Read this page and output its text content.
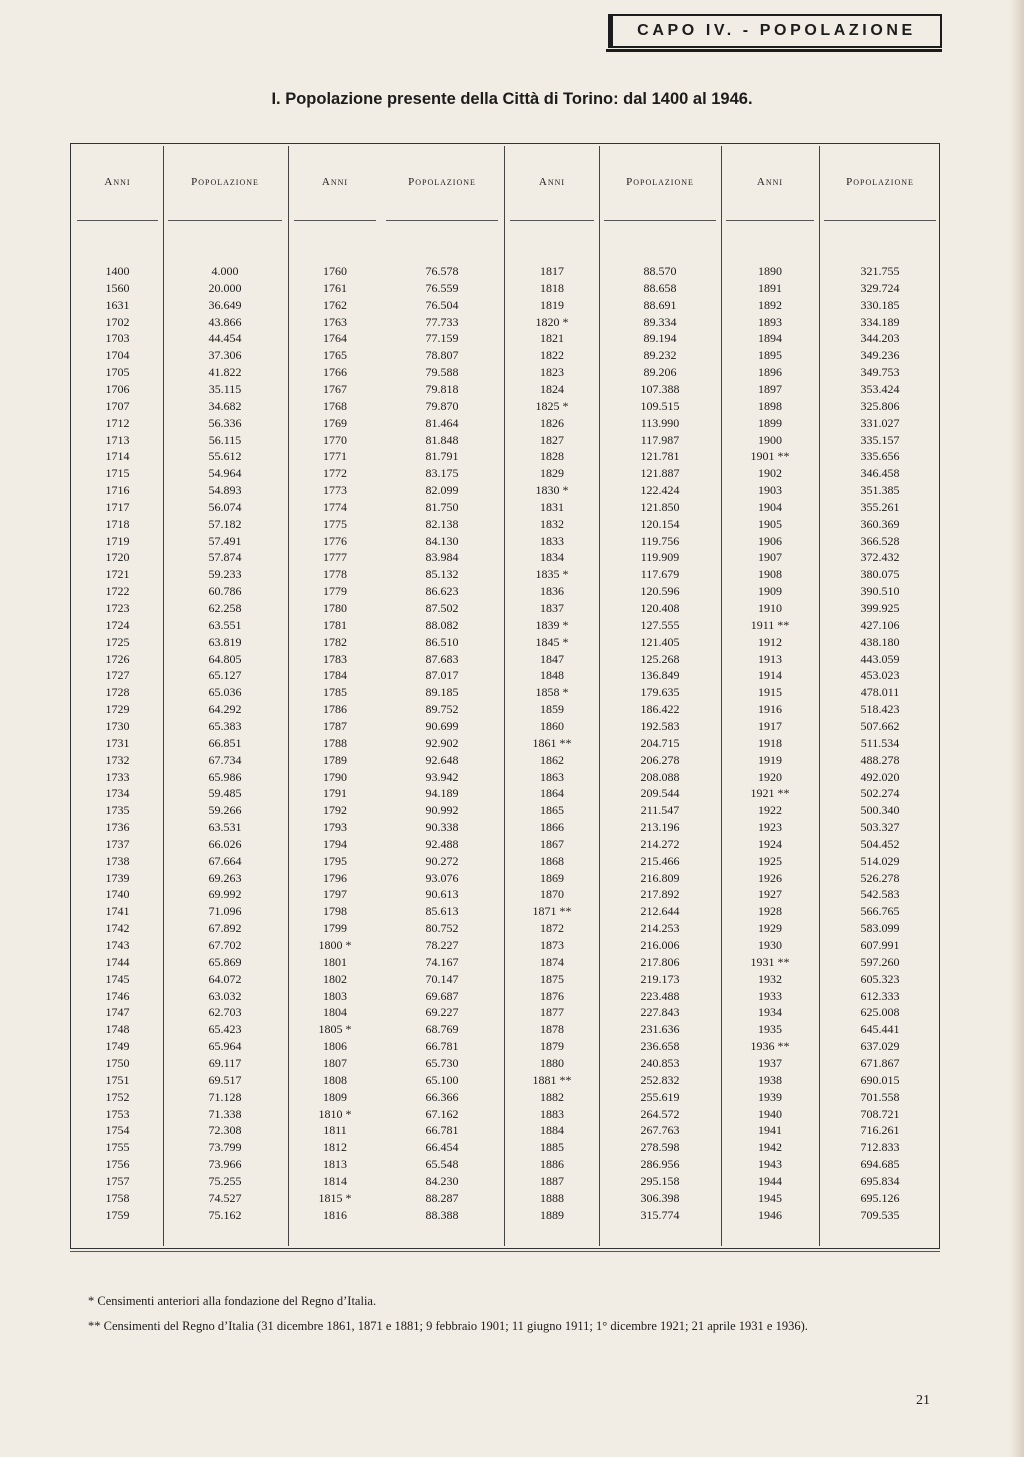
CAPO IV. - POPOLAZIONE
I. Popolazione presente della Città di Torino: dal 1400 al 1946.
Anni	Popolazione
1400	4.000
1560	20.000
1631	36.649
1702	43.866
1703	44.454
1704	37.306
1705	41.822
1706	35.115
1707	34.682
1712	56.336
1713	56.115
1714	55.612
1715	54.964
1716	54.893
1717	56.074
1718	57.182
1719	57.491
1720	57.874
1721	59.233
1722	60.786
1723	62.258
1724	63.551
1725	63.819
1726	64.805
1727	65.127
1728	65.036
1729	64.292
1730	65.383
1731	66.851
1732	67.734
1733	65.986
1734	59.485
1735	59.266
1736	63.531
1737	66.026
1738	67.664
1739	69.263
1740	69.992
1741	71.096
1742	67.892
1743	67.702
1744	65.869
1745	64.072
1746	63.032
1747	62.703
1748	65.423
1749	65.964
1750	69.117
1751	69.517
1752	71.128
1753	71.338
1754	72.308
1755	73.799
1756	73.966
1757	75.255
1758	74.527
1759	75.162
Anni	Popolazione
1760	76.578
1761	76.559
1762	76.504
1763	77.733
1764	77.159
1765	78.807
1766	79.588
1767	79.818
1768	79.870
1769	81.464
1770	81.848
1771	81.791
1772	83.175
1773	82.099
1774	81.750
1775	82.138
1776	84.130
1777	83.984
1778	85.132
1779	86.623
1780	87.502
1781	88.082
1782	86.510
1783	87.683
1784	87.017
1785	89.185
1786	89.752
1787	90.699
1788	92.902
1789	92.648
1790	93.942
1791	94.189
1792	90.992
1793	90.338
1794	92.488
1795	90.272
1796	93.076
1797	90.613
1798	85.613
1799	80.752
1800 *	78.227
1801	74.167
1802	70.147
1803	69.687
1804	69.227
1805 *	68.769
1806	66.781
1807	65.730
1808	65.100
1809	66.366
1810 *	67.162
1811	66.781
1812	66.454
1813	65.548
1814	84.230
1815 *	88.287
1816	88.388
Anni	Popolazione
1817	88.570
1818	88.658
1819	88.691
1820 *	89.334
1821	89.194
1822	89.232
1823	89.206
1824	107.388
1825 *	109.515
1826	113.990
1827	117.987
1828	121.781
1829	121.887
1830 *	122.424
1831	121.850
1832	120.154
1833	119.756
1834	119.909
1835 *	117.679
1836	120.596
1837	120.408
1839 *	127.555
1845 *	121.405
1847	125.268
1848	136.849
1858 *	179.635
1859	186.422
1860	192.583
1861 **	204.715
1862	206.278
1863	208.088
1864	209.544
1865	211.547
1866	213.196
1867	214.272
1868	215.466
1869	216.809
1870	217.892
1871 **	212.644
1872	214.253
1873	216.006
1874	217.806
1875	219.173
1876	223.488
1877	227.843
1878	231.636
1879	236.658
1880	240.853
1881 **	252.832
1882	255.619
1883	264.572
1884	267.763
1885	278.598
1886	286.956
1887	295.158
1888	306.398
1889	315.774
Anni	Popolazione
1890	321.755
1891	329.724
1892	330.185
1893	334.189
1894	344.203
1895	349.236
1896	349.753
1897	353.424
1898	325.806
1899	331.027
1900	335.157
1901 **	335.656
1902	346.458
1903	351.385
1904	355.261
1905	360.369
1906	366.528
1907	372.432
1908	380.075
1909	390.510
1910	399.925
1911 **	427.106
1912	438.180
1913	443.059
1914	453.023
1915	478.011
1916	518.423
1917	507.662
1918	511.534
1919	488.278
1920	492.020
1921 **	502.274
1922	500.340
1923	503.327
1924	504.452
1925	514.029
1926	526.278
1927	542.583
1928	566.765
1929	583.099
1930	607.991
1931 **	597.260
1932	605.323
1933	612.333
1934	625.008
1935	645.441
1936 **	637.029
1937	671.867
1938	690.015
1939	701.558
1940	708.721
1941	716.261
1942	712.833
1943	694.685
1944	695.834
1945	695.126
1946	709.535
* Censimenti anteriori alla fondazione del Regno d’Italia.
** Censimenti del Regno d’Italia (31 dicembre 1861, 1871 e 1881; 9 febbraio 1901; 11 giugno 1911; 1° dicembre 1921; 21 aprile 1931 e 1936).
21
